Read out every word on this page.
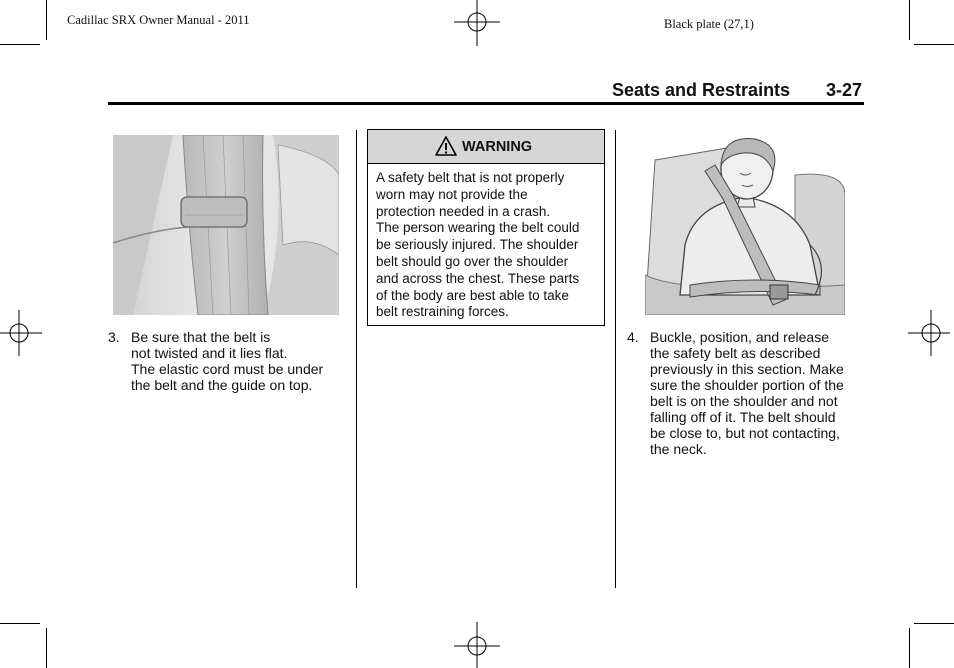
Cadillac SRX Owner Manual - 2011	Black plate (27,1)
Seats and Restraints 3-27
3. Be sure that the belt is
not twisted and it lies flat.
The elastic cord must be under
the belt and the guide on top.
WARNING
A safety belt that is not properly
worn may not provide the
protection needed in a crash.
The person wearing the belt could
be seriously injured. The shoulder
belt should go over the shoulder
and across the chest. These parts
of the body are best able to take
belt restraining forces.
4. Buckle, position, and release
the safety belt as described
previously in this section. Make
sure the shoulder portion of the
belt is on the shoulder and not
falling off of it. The belt should
be close to, but not contacting,
the neck.
